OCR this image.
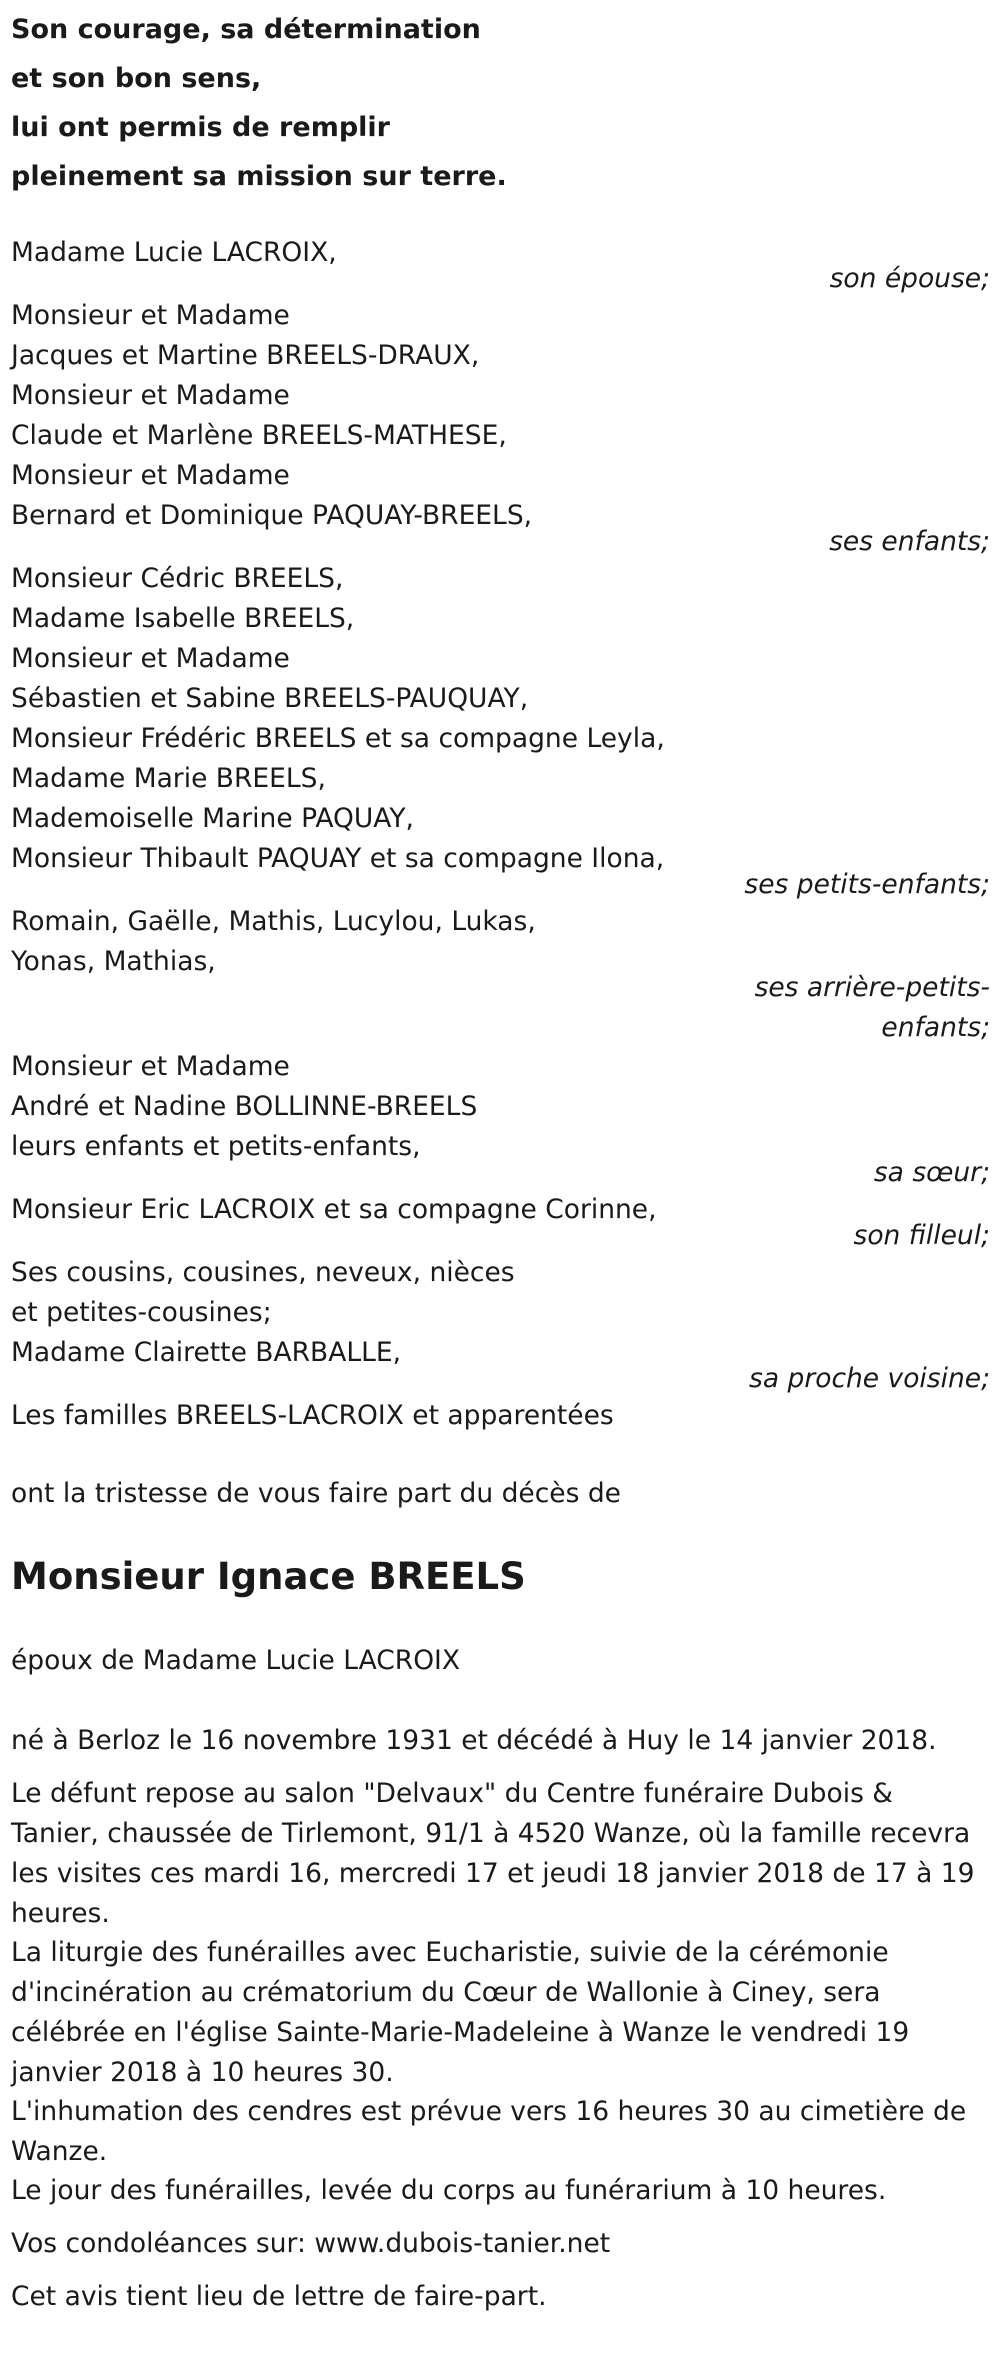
Son courage, sa détermination
et son bon sens,
lui ont permis de remplir
pleinement sa mission sur terre.
Madame Lucie LACROIX,
son épouse;
Monsieur et Madame
Jacques et Martine BREELS-DRAUX,
Monsieur et Madame
Claude et Marlène BREELS-MATHESE,
Monsieur et Madame
Bernard et Dominique PAQUAY-BREELS,
ses enfants;
Monsieur Cédric BREELS,
Madame Isabelle BREELS,
Monsieur et Madame
Sébastien et Sabine BREELS-PAUQUAY,
Monsieur Frédéric BREELS et sa compagne Leyla,
Madame Marie BREELS,
Mademoiselle Marine PAQUAY,
Monsieur Thibault PAQUAY et sa compagne Ilona,
ses petits-enfants;
Romain, Gaëlle, Mathis, Lucylou, Lukas,
Yonas, Mathias,
ses arrière-petits-
enfants;
Monsieur et Madame
André et Nadine BOLLINNE-BREELS
leurs enfants et petits-enfants,
sa sœur;
Monsieur Eric LACROIX et sa compagne Corinne,
son filleul;
Ses cousins, cousines, neveux, nièces
et petites-cousines;
Madame Clairette BARBALLE,
sa proche voisine;
Les familles BREELS-LACROIX et apparentées
ont la tristesse de vous faire part du décès de
Monsieur Ignace BREELS
époux de Madame Lucie LACROIX
né à Berloz le 16 novembre 1931 et décédé à Huy le 14 janvier 2018.
Le défunt repose au salon "Delvaux" du Centre funéraire Dubois & Tanier, chaussée de Tirlemont, 91/1 à 4520 Wanze, où la famille recevra les visites ces mardi 16, mercredi 17 et jeudi 18 janvier 2018 de 17 à 19 heures.
La liturgie des funérailles avec Eucharistie, suivie de la cérémonie d'incinération au crématorium du Cœur de Wallonie à Ciney, sera célébrée en l'église Sainte-Marie-Madeleine à Wanze le vendredi 19 janvier 2018 à 10 heures 30.
L'inhumation des cendres est prévue vers 16 heures 30 au cimetière de Wanze.
Le jour des funérailles, levée du corps au funérarium à 10 heures.
Vos condoléances sur: www.dubois-tanier.net
Cet avis tient lieu de lettre de faire-part.
